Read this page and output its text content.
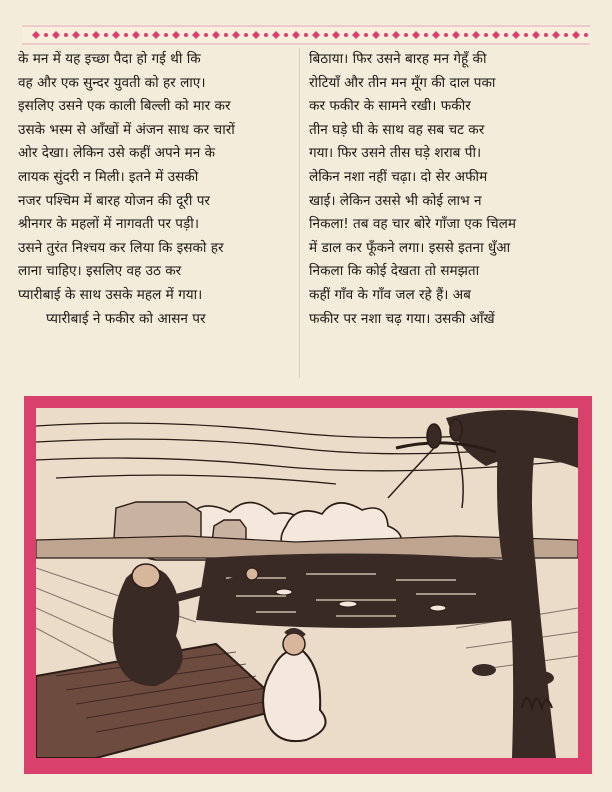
के मन में यह इच्छा पैदा हो गई थी कि
वह और एक सुन्दर युवती को हर लाए।
इसलिए उसने एक काली बिल्ली को मार कर
उसके भस्म से आँखों में अंजन साध कर चारों
ओर देखा। लेकिन उसे कहीं अपने मन के
लायक सुंदरी न मिली। इतने में उसकी
नजर पश्चिम में बारह योजन की दूरी पर
श्रीनगर के महलों में नागवती पर पड़ी।
उसने तुरंत निश्चय कर लिया कि इसको हर
लाना चाहिए। इसलिए वह उठ कर
प्यारीबाई के साथ उसके महल में गया।
प्यारीबाई ने फकीर को आसन पर
बिठाया। फिर उसने बारह मन गेहूँ की
रोटियाँ और तीन मन मूँग की दाल पका
कर फकीर के सामने रखी। फकीर
तीन घड़े घी के साथ वह सब चट कर
गया। फिर उसने तीस घड़े शराब पी।
लेकिन नशा नहीं चढ़ा। दो सेर अफीम
खाई। लेकिन उससे भी कोई लाभ न
निकला! तब वह चार बोरे गाँजा एक चिलम
में डाल कर फूँकने लगा। इससे इतना धुँआ
निकला कि कोई देखता तो समझता
कहीं गाँव के गाँव जल रहे हैं। अब
फकीर पर नशा चढ़ गया। उसकी आँखें
